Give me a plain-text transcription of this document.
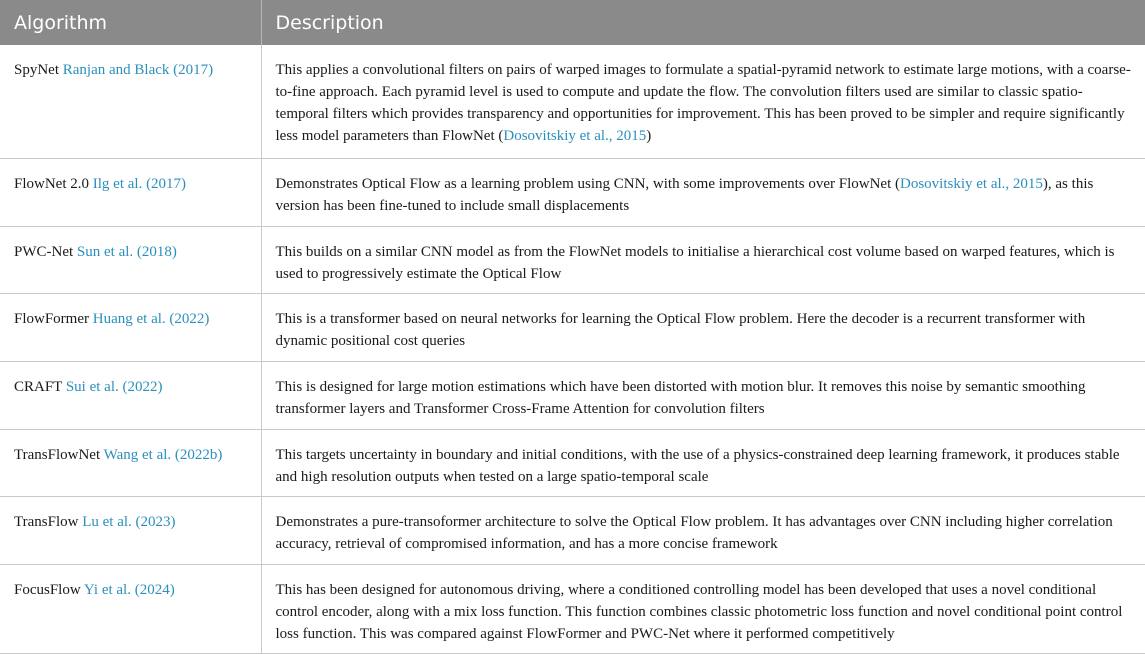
Algorithm	Description
SpyNet Ranjan and Black (2017)	This applies a convolutional filters on pairs of warped images to formulate a spatial-pyramid network to estimate large motions, with a coarse-to-fine approach. Each pyramid level is used to compute and update the flow. The convolution filters used are similar to classic spatio-temporal filters which provides transparency and opportunities for improvement. This has been proved to be simpler and require significantly less model parameters than FlowNet (Dosovitskiy et al., 2015)
FlowNet 2.0 Ilg et al. (2017)	Demonstrates Optical Flow as a learning problem using CNN, with some improvements over FlowNet (Dosovitskiy et al., 2015), as this version has been fine-tuned to include small displacements
PWC-Net Sun et al. (2018)	This builds on a similar CNN model as from the FlowNet models to initialise a hierarchical cost volume based on warped features, which is used to progressively estimate the Optical Flow
FlowFormer Huang et al. (2022)	This is a transformer based on neural networks for learning the Optical Flow problem. Here the decoder is a recurrent transformer with dynamic positional cost queries
CRAFT Sui et al. (2022)	This is designed for large motion estimations which have been distorted with motion blur. It removes this noise by semantic smoothing transformer layers and Transformer Cross-Frame Attention for convolution filters
TransFlowNet Wang et al. (2022b)	This targets uncertainty in boundary and initial conditions, with the use of a physics-constrained deep learning framework, it produces stable and high resolution outputs when tested on a large spatio-temporal scale
TransFlow Lu et al. (2023)	Demonstrates a pure-transoformer architecture to solve the Optical Flow problem. It has advantages over CNN including higher correlation accuracy, retrieval of compromised information, and has a more concise framework
FocusFlow Yi et al. (2024)	This has been designed for autonomous driving, where a conditioned controlling model has been developed that uses a novel conditional control encoder, along with a mix loss function. This function combines classic photometric loss function and novel conditional point control loss function. This was compared against FlowFormer and PWC-Net where it performed competitively
